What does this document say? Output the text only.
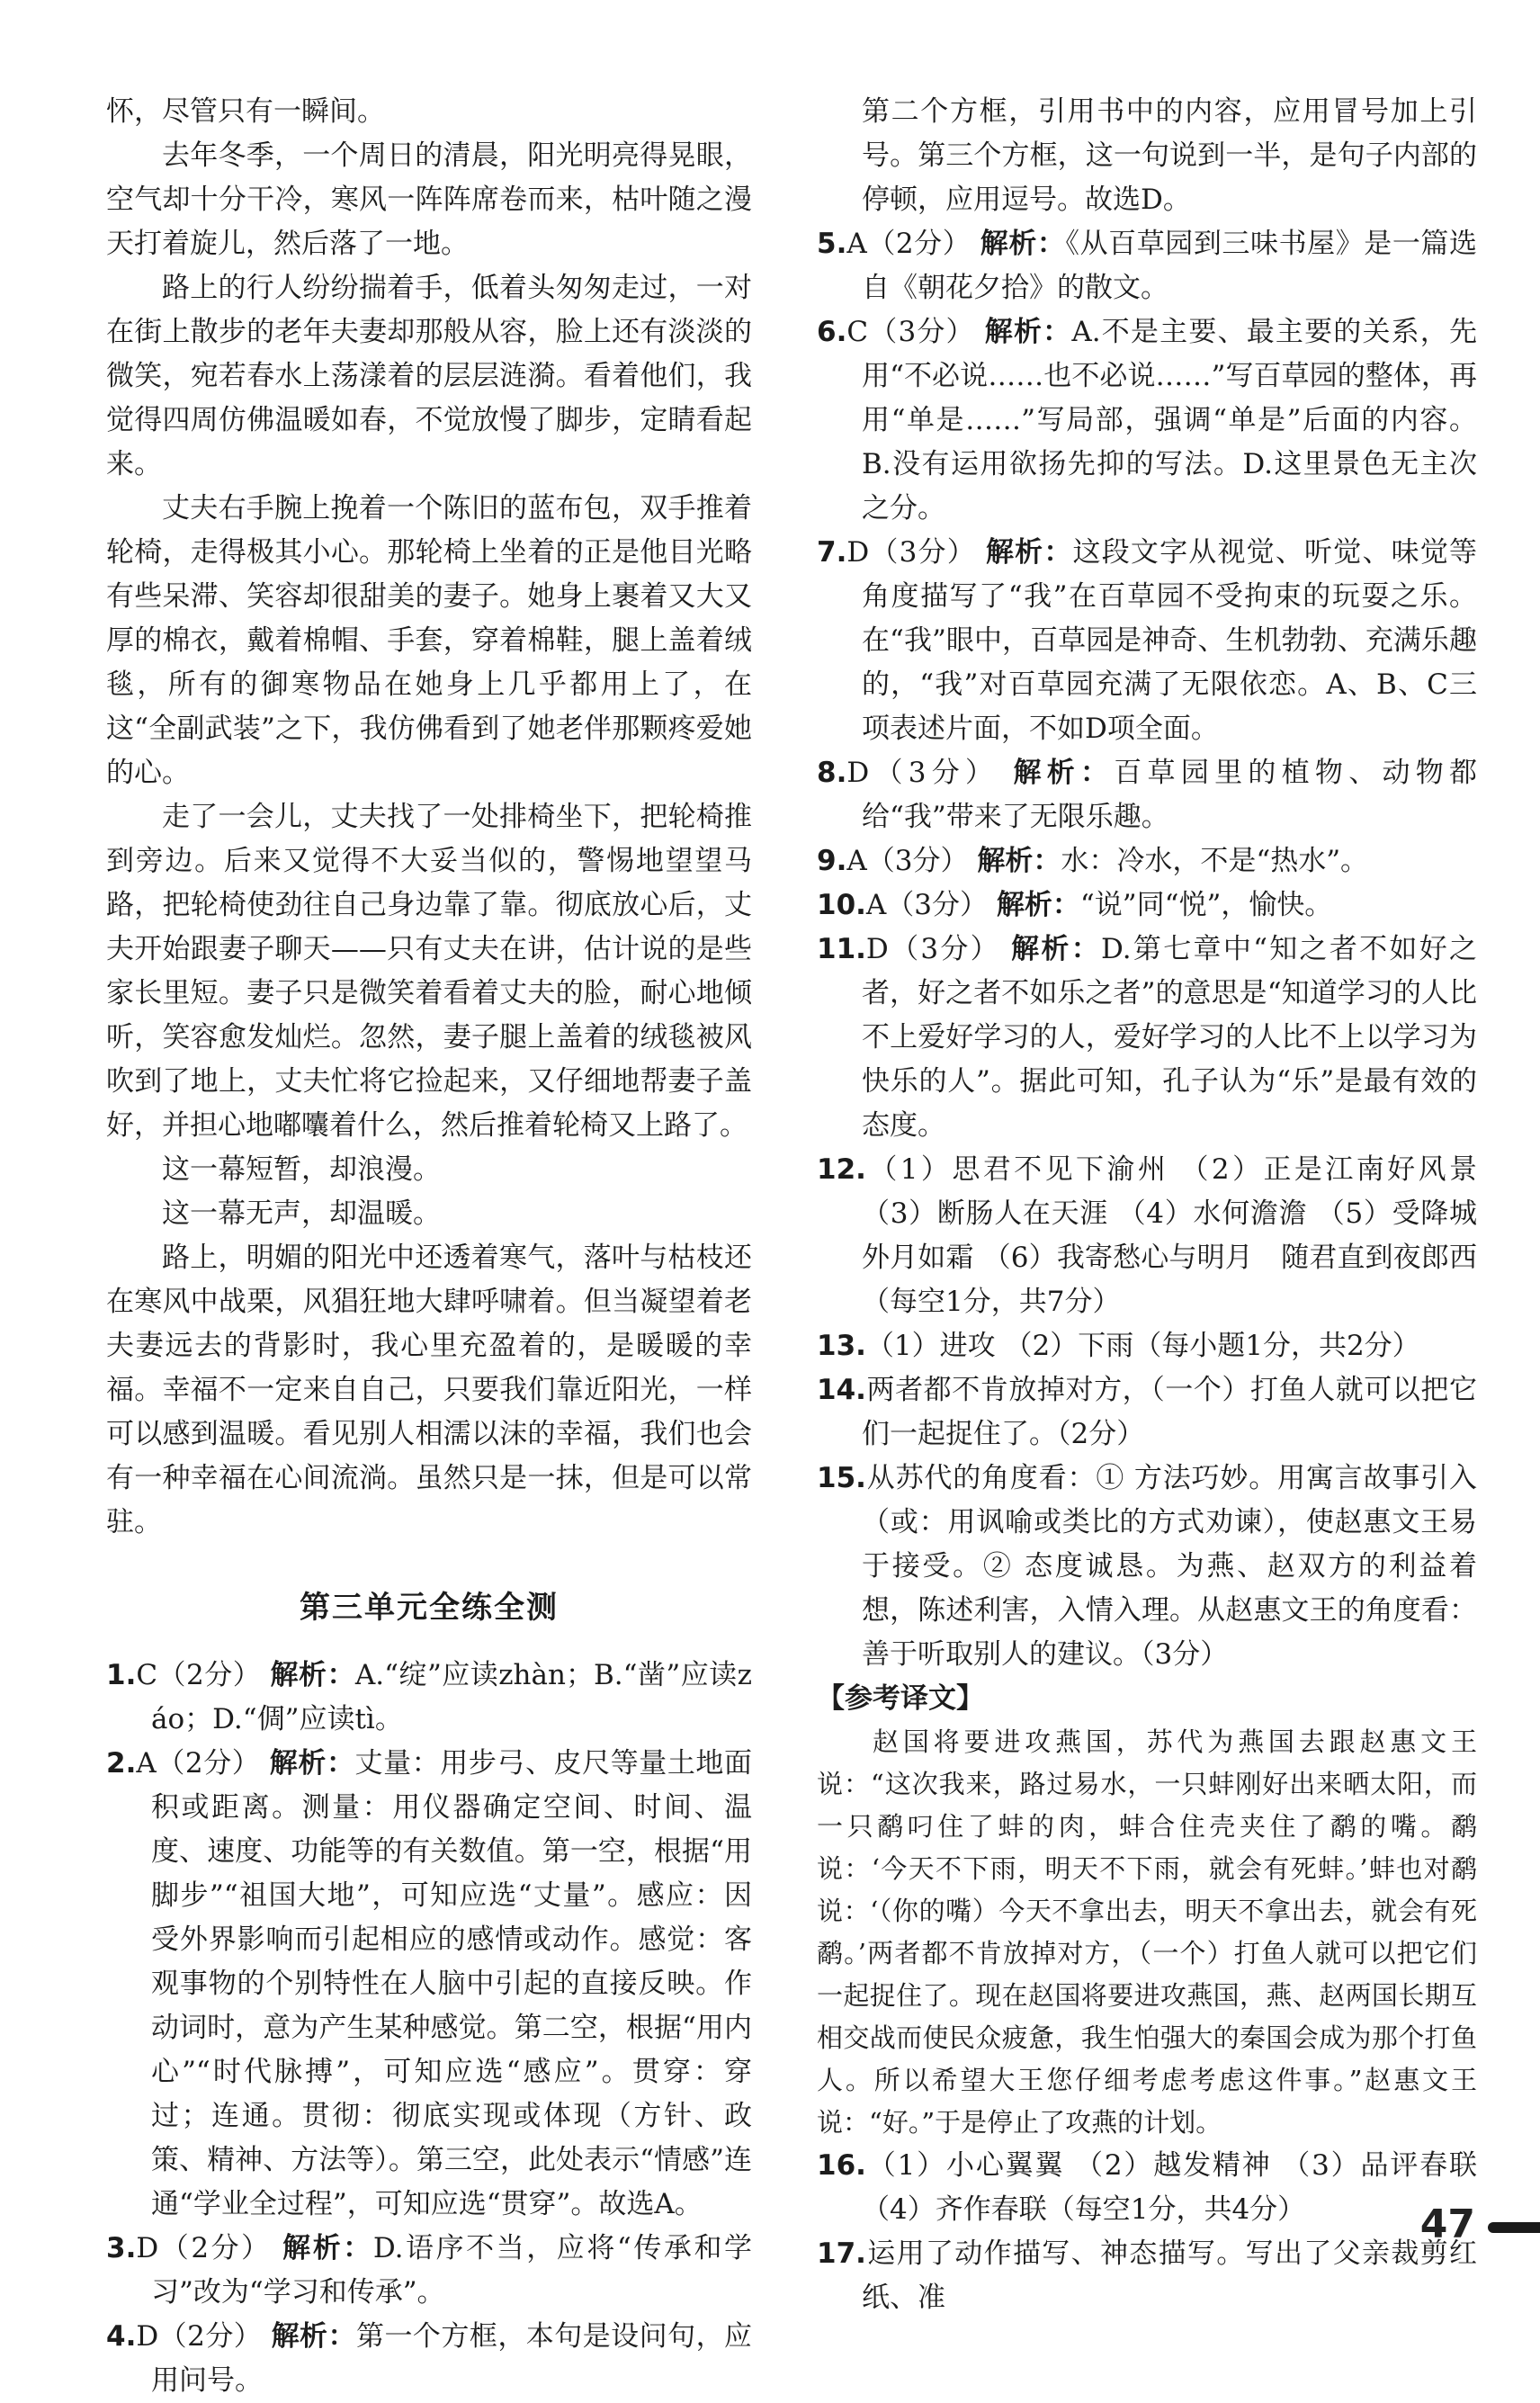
怀，尽管只有一瞬间。

去年冬季，一个周日的清晨，阳光明亮得晃眼，空气却十分干冷，寒风一阵阵席卷而来，枯叶随之漫天打着旋儿，然后落了一地。

路上的行人纷纷揣着手，低着头匆匆走过，一对在街上散步的老年夫妻却那般从容，脸上还有淡淡的微笑，宛若春水上荡漾着的层层涟漪。看着他们，我觉得四周仿佛温暖如春，不觉放慢了脚步，定睛看起来。

丈夫右手腕上挽着一个陈旧的蓝布包，双手推着轮椅，走得极其小心。那轮椅上坐着的正是他目光略有些呆滞、笑容却很甜美的妻子。她身上裹着又大又厚的棉衣，戴着棉帽、手套，穿着棉鞋，腿上盖着绒毯，所有的御寒物品在她身上几乎都用上了，在这“全副武装”之下，我仿佛看到了她老伴那颗疼爱她的心。

走了一会儿，丈夫找了一处排椅坐下，把轮椅推到旁边。后来又觉得不大妥当似的，警惕地望望马路，把轮椅使劲往自己身边靠了靠。彻底放心后，丈夫开始跟妻子聊天——只有丈夫在讲，估计说的是些家长里短。妻子只是微笑着看着丈夫的脸，耐心地倾听，笑容愈发灿烂。忽然，妻子腿上盖着的绒毯被风吹到了地上，丈夫忙将它捡起来，又仔细地帮妻子盖好，并担心地嘟囔着什么，然后推着轮椅又上路了。

这一幕短暂，却浪漫。

这一幕无声，却温暖。

路上，明媚的阳光中还透着寒气，落叶与枯枝还在寒风中战栗，风猖狂地大肆呼啸着。但当凝望着老夫妻远去的背影时，我心里充盈着的，是暖暖的幸福。幸福不一定来自自己，只要我们靠近阳光，一样可以感到温暖。看见别人相濡以沫的幸福，我们也会有一种幸福在心间流淌。虽然只是一抹，但是可以常驻。

第三单元全练全测

1.C（2分） 解析：A.“绽”应读zhàn；B.“凿”应读záo；D.“倜”应读tì。

2.A（2分） 解析：丈量：用步弓、皮尺等量土地面积或距离。测量：用仪器确定空间、时间、温度、速度、功能等的有关数值。第一空，根据“用脚步”“祖国大地”，可知应选“丈量”。感应：因受外界影响而引起相应的感情或动作。感觉：客观事物的个别特性在人脑中引起的直接反映。作动词时，意为产生某种感觉。第二空，根据“用内心”“时代脉搏”，可知应选“感应”。贯穿：穿过；连通。贯彻：彻底实现或体现（方针、政策、精神、方法等）。第三空，此处表示“情感”连通“学业全过程”，可知应选“贯穿”。故选A。

3.D（2分） 解析：D.语序不当，应将“传承和学习”改为“学习和传承”。

4.D（2分） 解析：第一个方框，本句是设问句，应用问号。

第二个方框，引用书中的内容，应用冒号加上引号。第三个方框，这一句说到一半，是句子内部的停顿，应用逗号。故选D。

5.A（2分） 解析：《从百草园到三味书屋》是一篇选自《朝花夕拾》的散文。

6.C（3分） 解析：A.不是主要、最主要的关系，先用“不必说……也不必说……”写百草园的整体，再用“单是……”写局部，强调“单是”后面的内容。B.没有运用欲扬先抑的写法。D.这里景色无主次之分。

7.D（3分） 解析：这段文字从视觉、听觉、味觉等角度描写了“我”在百草园不受拘束的玩耍之乐。在“我”眼中，百草园是神奇、生机勃勃、充满乐趣的，“我”对百草园充满了无限依恋。A、B、C三项表述片面，不如D项全面。

8.D（3分） 解析：百草园里的植物、动物都给“我”带来了无限乐趣。

9.A（3分） 解析：水：冷水，不是“热水”。

10.A（3分） 解析：“说”同“悦”，愉快。

11.D（3分） 解析：D.第七章中“知之者不如好之者，好之者不如乐之者”的意思是“知道学习的人比不上爱好学习的人，爱好学习的人比不上以学习为快乐的人”。据此可知，孔子认为“乐”是最有效的态度。

12.（1）思君不见下渝州 （2）正是江南好风景 （3）断肠人在天涯 （4）水何澹澹 （5）受降城外月如霜 （6）我寄愁心与明月　随君直到夜郎西（每空1分，共7分）

13.（1）进攻 （2）下雨（每小题1分，共2分）

14.两者都不肯放掉对方，（一个）打鱼人就可以把它们一起捉住了。（2分）

15.从苏代的角度看：① 方法巧妙。用寓言故事引入（或：用讽喻或类比的方式劝谏），使赵惠文王易于接受。② 态度诚恳。为燕、赵双方的利益着想，陈述利害，入情入理。从赵惠文王的角度看：善于听取别人的建议。（3分）

【参考译文】

赵国将要进攻燕国，苏代为燕国去跟赵惠文王说：“这次我来，路过易水，一只蚌刚好出来晒太阳，而一只鹬叼住了蚌的肉，蚌合住壳夹住了鹬的嘴。鹬说：‘今天不下雨，明天不下雨，就会有死蚌。’蚌也对鹬说：‘（你的嘴）今天不拿出去，明天不拿出去，就会有死鹬。’两者都不肯放掉对方，（一个）打鱼人就可以把它们一起捉住了。现在赵国将要进攻燕国，燕、赵两国长期互相交战而使民众疲惫，我生怕强大的秦国会成为那个打鱼人。所以希望大王您仔细考虑考虑这件事。”赵惠文王说：“好。”于是停止了攻燕的计划。

16.（1）小心翼翼 （2）越发精神 （3）品评春联 （4）齐作春联（每空1分，共4分）

17.运用了动作描写、神态描写。写出了父亲裁剪红纸、准

47
